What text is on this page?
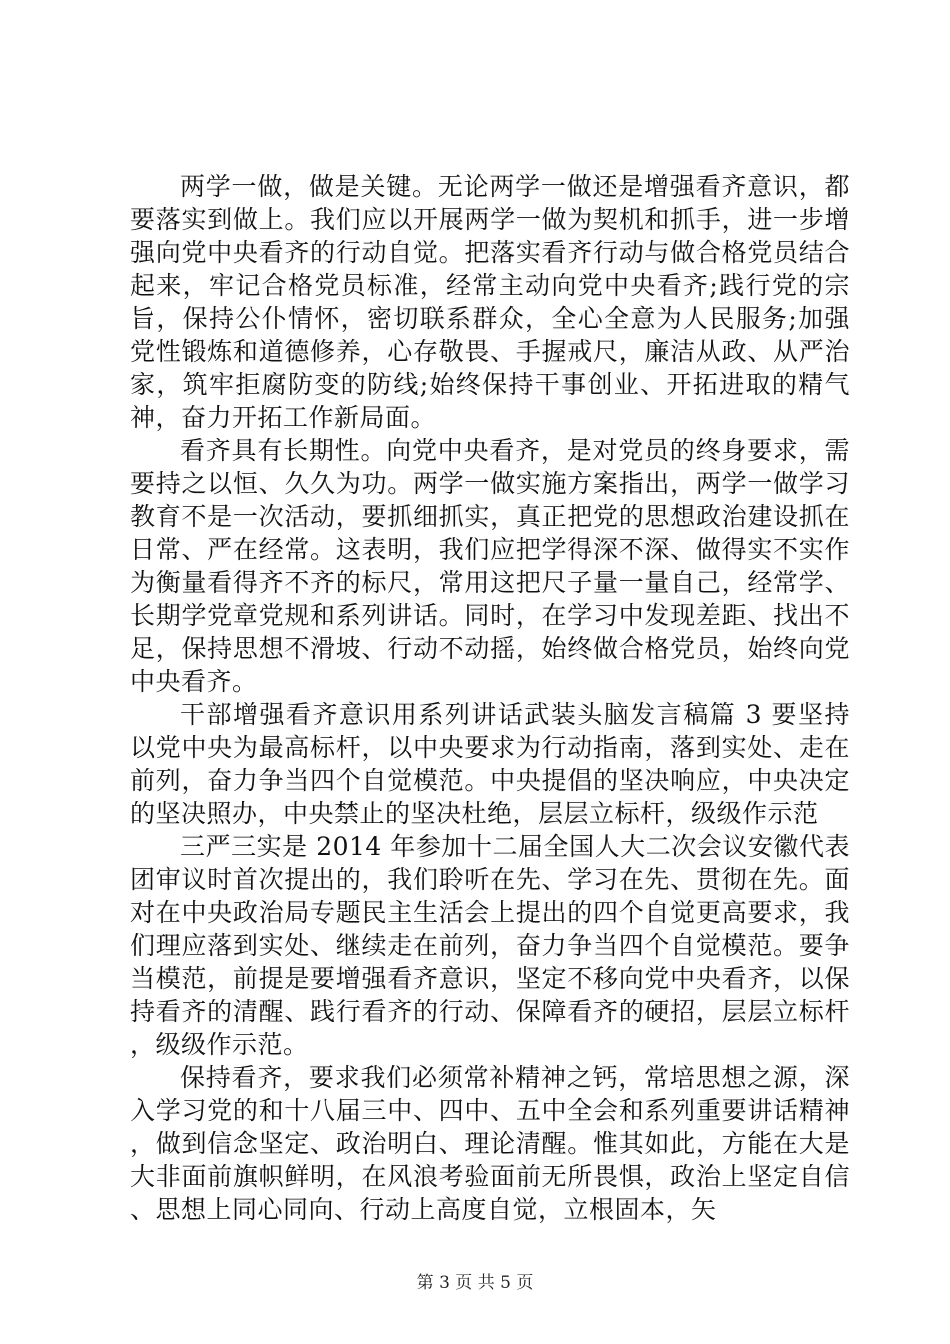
两学一做，做是关键。无论两学一做还是增强看齐意识，都要落实到做上。我们应以开展两学一做为契机和抓手，进一步增强向党中央看齐的行动自觉。把落实看齐行动与做合格党员结合起来，牢记合格党员标准，经常主动向党中央看齐;践行党的宗旨，保持公仆情怀，密切联系群众，全心全意为人民服务;加强党性锻炼和道德修养，心存敬畏、手握戒尺，廉洁从政、从严治家，筑牢拒腐防变的防线;始终保持干事创业、开拓进取的精气神，奋力开拓工作新局面。

看齐具有长期性。向党中央看齐，是对党员的终身要求，需要持之以恒、久久为功。两学一做实施方案指出，两学一做学习教育不是一次活动，要抓细抓实，真正把党的思想政治建设抓在日常、严在经常。这表明，我们应把学得深不深、做得实不实作为衡量看得齐不齐的标尺，常用这把尺子量一量自己，经常学、长期学党章党规和系列讲话。同时，在学习中发现差距、找出不足，保持思想不滑坡、行动不动摇，始终做合格党员，始终向党中央看齐。

干部增强看齐意识用系列讲话武装头脑发言稿篇 3 要坚持以党中央为最高标杆，以中央要求为行动指南，落到实处、走在前列，奋力争当四个自觉模范。中央提倡的坚决响应，中央决定的坚决照办，中央禁止的坚决杜绝，层层立标杆，级级作示范

三严三实是 2014 年参加十二届全国人大二次会议安徽代表团审议时首次提出的，我们聆听在先、学习在先、贯彻在先。面对在中央政治局专题民主生活会上提出的四个自觉更高要求，我们理应落到实处、继续走在前列，奋力争当四个自觉模范。要争当模范，前提是要增强看齐意识，坚定不移向党中央看齐，以保持看齐的清醒、践行看齐的行动、保障看齐的硬招，层层立标杆，级级作示范。

保持看齐，要求我们必须常补精神之钙，常培思想之源，深入学习党的和十八届三中、四中、五中全会和系列重要讲话精神，做到信念坚定、政治明白、理论清醒。惟其如此，方能在大是大非面前旗帜鲜明，在风浪考验面前无所畏惧，政治上坚定自信、思想上同心同向、行动上高度自觉，立根固本，矢

第 3 页 共 5 页
